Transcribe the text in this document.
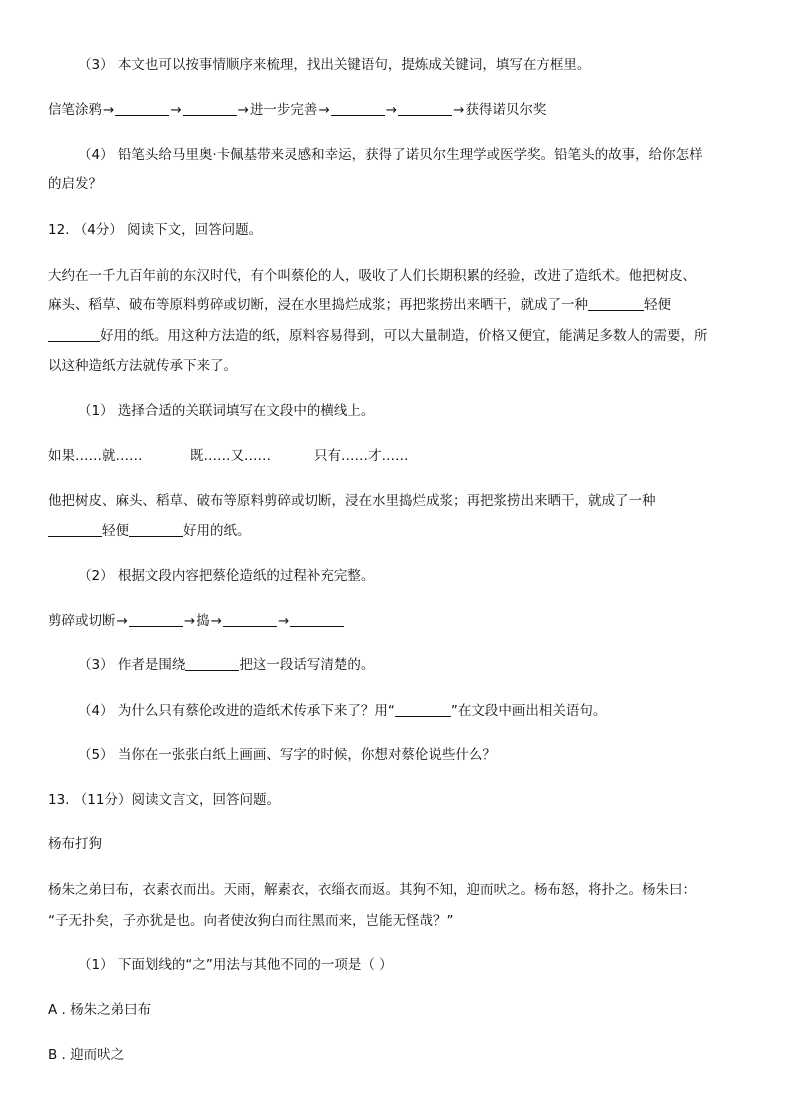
（3） 本文也可以按事情顺序来梳理，找出关键语句，提炼成关键词，填写在方框里。
信笔涂鸦→	→	→进一步完善→	→	→获得诺贝尔奖
（4） 铅笔头给马里奥·卡佩基带来灵感和幸运，获得了诺贝尔生理学或医学奖。铅笔头的故事，给你怎样
的启发？
12. （4分） 阅读下文，回答问题。
大约在一千九百年前的东汉时代，有个叫蔡伦的人，吸收了人们长期积累的经验，改进了造纸术。他把树皮、
麻头、稻草、破布等原料剪碎或切断，浸在水里捣烂成浆；再把浆捞出来晒干，就成了一种	轻便
好用的纸。用这种方法造的纸，原料容易得到，可以大量制造，价格又便宜，能满足多数人的需要，所
以这种造纸方法就传承下来了。
（1） 选择合适的关联词填写在文段中的横线上。
如果……就……	既……又……	只有……才……
他把树皮、麻头、稻草、破布等原料剪碎或切断，浸在水里捣烂成浆；再把浆捞出来晒干，就成了一种
轻便	好用的纸。
（2） 根据文段内容把蔡伦造纸的过程补充完整。
剪碎或切断→	→捣→	→
（3） 作者是围绕	把这一段话写清楚的。
（4） 为什么只有蔡伦改进的造纸术传承下来了？用“	”在文段中画出相关语句。
（5） 当你在一张张白纸上画画、写字的时候，你想对蔡伦说些什么？
13. （11分）阅读文言文，回答问题。
杨布打狗
杨朱之弟曰布，衣素衣而出。天雨，解素衣，衣缁衣而返。其狗不知，迎而吠之。杨布怒，将扑之。杨朱曰：
“子无扑矣，子亦犹是也。向者使汝狗白而往黑而来，岂能无怪哉？”
（1） 下面划线的“之”用法与其他不同的一项是（ ）
A . 杨朱之弟曰布
B . 迎而吠之
